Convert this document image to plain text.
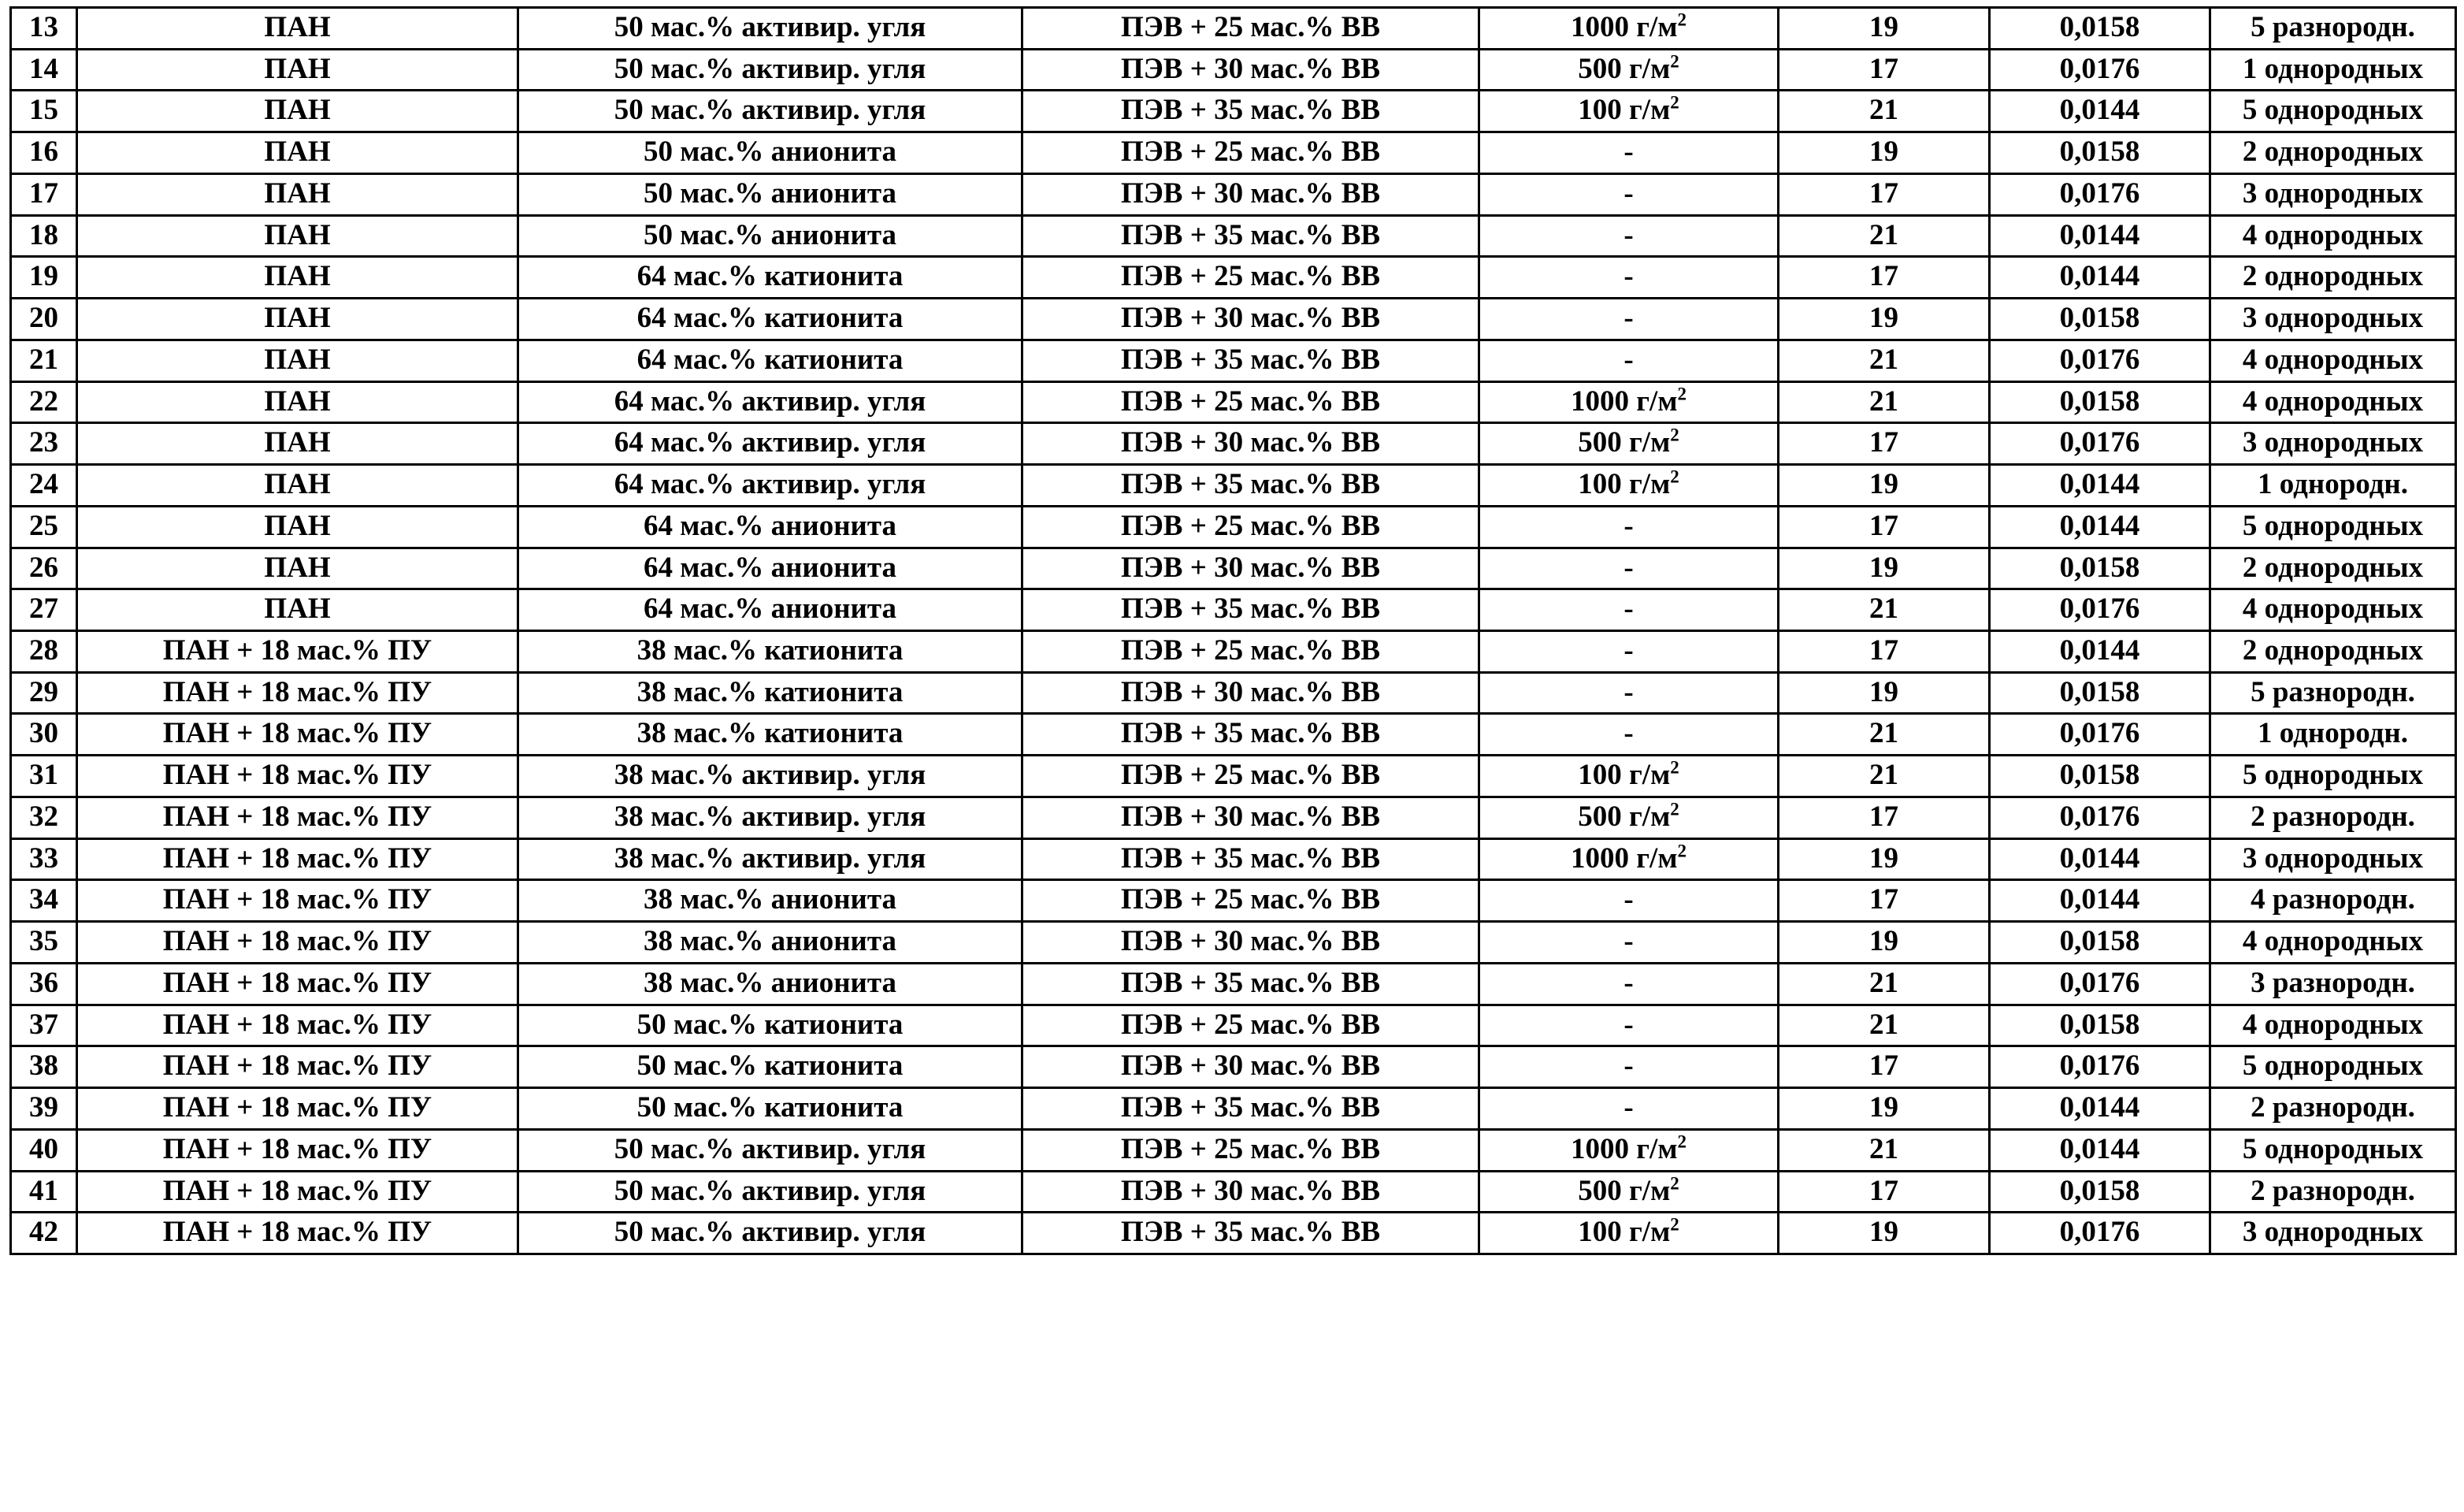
13	ПАН	50 мас.% активир. угля	ПЭВ + 25 мас.% ВВ	1000 $г/м^2$	19	0,0158	5 разнородн.
14	ПАН	50 мас.% активир. угля	ПЭВ + 30 мас.% ВВ	500 $г/м^2$	17	0,0176	1 однородных
15	ПАН	50 мас.% активир. угля	ПЭВ + 35 мас.% ВВ	100 $г/м^2$	21	0,0144	5 однородных
16	ПАН	50 мас.% анионита	ПЭВ + 25 мас.% ВВ	-	19	0,0158	2 однородных
17	ПАН	50 мас.% анионита	ПЭВ + 30 мас.% ВВ	-	17	0,0176	3 однородных
18	ПАН	50 мас.% анионита	ПЭВ + 35 мас.% ВВ	-	21	0,0144	4 однородных
19	ПАН	64 мас.% катионита	ПЭВ + 25 мас.% ВВ	-	17	0,0144	2 однородных
20	ПАН	64 мас.% катионита	ПЭВ + 30 мас.% ВВ	-	19	0,0158	3 однородных
21	ПАН	64 мас.% катионита	ПЭВ + 35 мас.% ВВ	-	21	0,0176	4 однородных
22	ПАН	64 мас.% активир. угля	ПЭВ + 25 мас.% ВВ	1000 $г/м^2$	21	0,0158	4 однородных
23	ПАН	64 мас.% активир. угля	ПЭВ + 30 мас.% ВВ	500 $г/м^2$	17	0,0176	3 однородных
24	ПАН	64 мас.% активир. угля	ПЭВ + 35 мас.% ВВ	100 $г/м^2$	19	0,0144	1 однородн.
25	ПАН	64 мас.% анионита	ПЭВ + 25 мас.% ВВ	-	17	0,0144	5 однородных
26	ПАН	64 мас.% анионита	ПЭВ + 30 мас.% ВВ	-	19	0,0158	2 однородных
27	ПАН	64 мас.% анионита	ПЭВ + 35 мас.% ВВ	-	21	0,0176	4 однородных
28	ПАН + 18 мас.% ПУ	38 мас.% катионита	ПЭВ + 25 мас.% ВВ	-	17	0,0144	2 однородных
29	ПАН + 18 мас.% ПУ	38 мас.% катионита	ПЭВ + 30 мас.% ВВ	-	19	0,0158	5 разнородн.
30	ПАН + 18 мас.% ПУ	38 мас.% катионита	ПЭВ + 35 мас.% ВВ	-	21	0,0176	1 однородн.
31	ПАН + 18 мас.% ПУ	38 мас.% активир. угля	ПЭВ + 25 мас.% ВВ	100 $г/м^2$	21	0,0158	5 однородных
32	ПАН + 18 мас.% ПУ	38 мас.% активир. угля	ПЭВ + 30 мас.% ВВ	500 $г/м^2$	17	0,0176	2 разнородн.
33	ПАН + 18 мас.% ПУ	38 мас.% активир. угля	ПЭВ + 35 мас.% ВВ	1000 $г/м^2$	19	0,0144	3 однородных
34	ПАН + 18 мас.% ПУ	38 мас.% анионита	ПЭВ + 25 мас.% ВВ	-	17	0,0144	4 разнородн.
35	ПАН + 18 мас.% ПУ	38 мас.% анионита	ПЭВ + 30 мас.% ВВ	-	19	0,0158	4 однородных
36	ПАН + 18 мас.% ПУ	38 мас.% анионита	ПЭВ + 35 мас.% ВВ	-	21	0,0176	3 разнородн.
37	ПАН + 18 мас.% ПУ	50 мас.% катионита	ПЭВ + 25 мас.% ВВ	-	21	0,0158	4 однородных
38	ПАН + 18 мас.% ПУ	50 мас.% катионита	ПЭВ + 30 мас.% ВВ	-	17	0,0176	5 однородных
39	ПАН + 18 мас.% ПУ	50 мас.% катионита	ПЭВ + 35 мас.% ВВ	-	19	0,0144	2 разнородн.
40	ПАН + 18 мас.% ПУ	50 мас.% активир. угля	ПЭВ + 25 мас.% ВВ	1000 $г/м^2$	21	0,0144	5 однородных
41	ПАН + 18 мас.% ПУ	50 мас.% активир. угля	ПЭВ + 30 мас.% ВВ	500 $г/м^2$	17	0,0158	2 разнородн.
42	ПАН + 18 мас.% ПУ	50 мас.% активир. угля	ПЭВ + 35 мас.% ВВ	100 $г/м^2$	19	0,0176	3 однородных
